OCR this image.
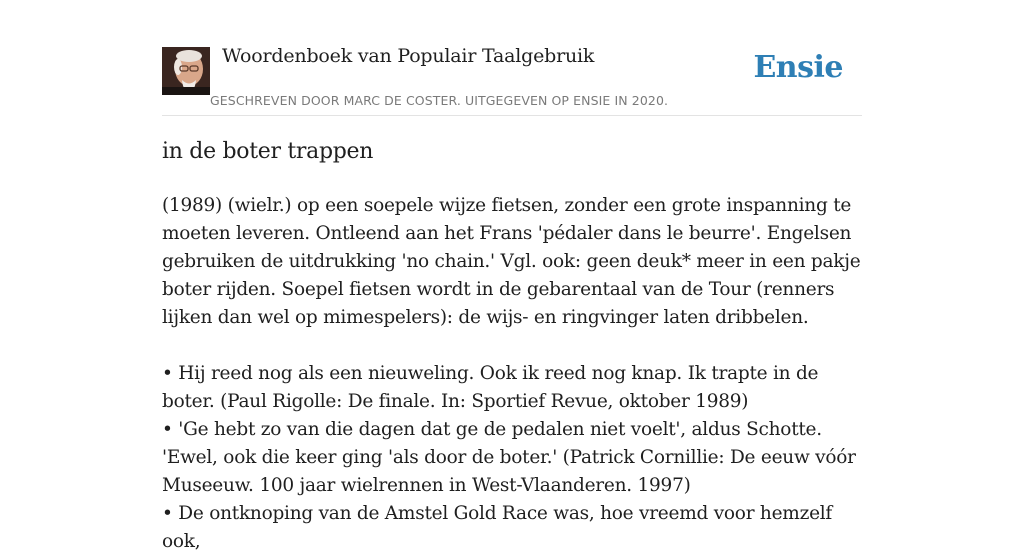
Woordenboek van Populair Taalgebruik
GESCHREVEN DOOR MARC DE COSTER. UITGEGEVEN OP ENSIE IN 2020.
Ensie
in de boter trappen

(1989) (wielr.) op een soepele wijze fietsen, zonder een grote inspanning te moeten leveren. Ontleend aan het Frans 'pédaler dans le beurre'. Engelsen gebruiken de uitdrukking 'no chain.' Vgl. ook: geen deuk* meer in een pakje boter rijden. Soepel fietsen wordt in de gebarentaal van de Tour (renners lijken dan wel op mimespelers): de wijs- en ringvinger laten dribbelen.

• Hij reed nog als een nieuweling. Ook ik reed nog knap. Ik trapte in de boter. (Paul Rigolle: De finale. In: Sportief Revue, oktober 1989)

• 'Ge hebt zo van die dagen dat ge de pedalen niet voelt', aldus Schotte. 'Ewel, ook die keer ging 'als door de boter.' (Patrick Cornillie: De eeuw vóór Museeuw. 100 jaar wielrennen in West-Vlaanderen. 1997)

• De ontknoping van de Amstel Gold Race was, hoe vreemd voor hemzelf ook,
